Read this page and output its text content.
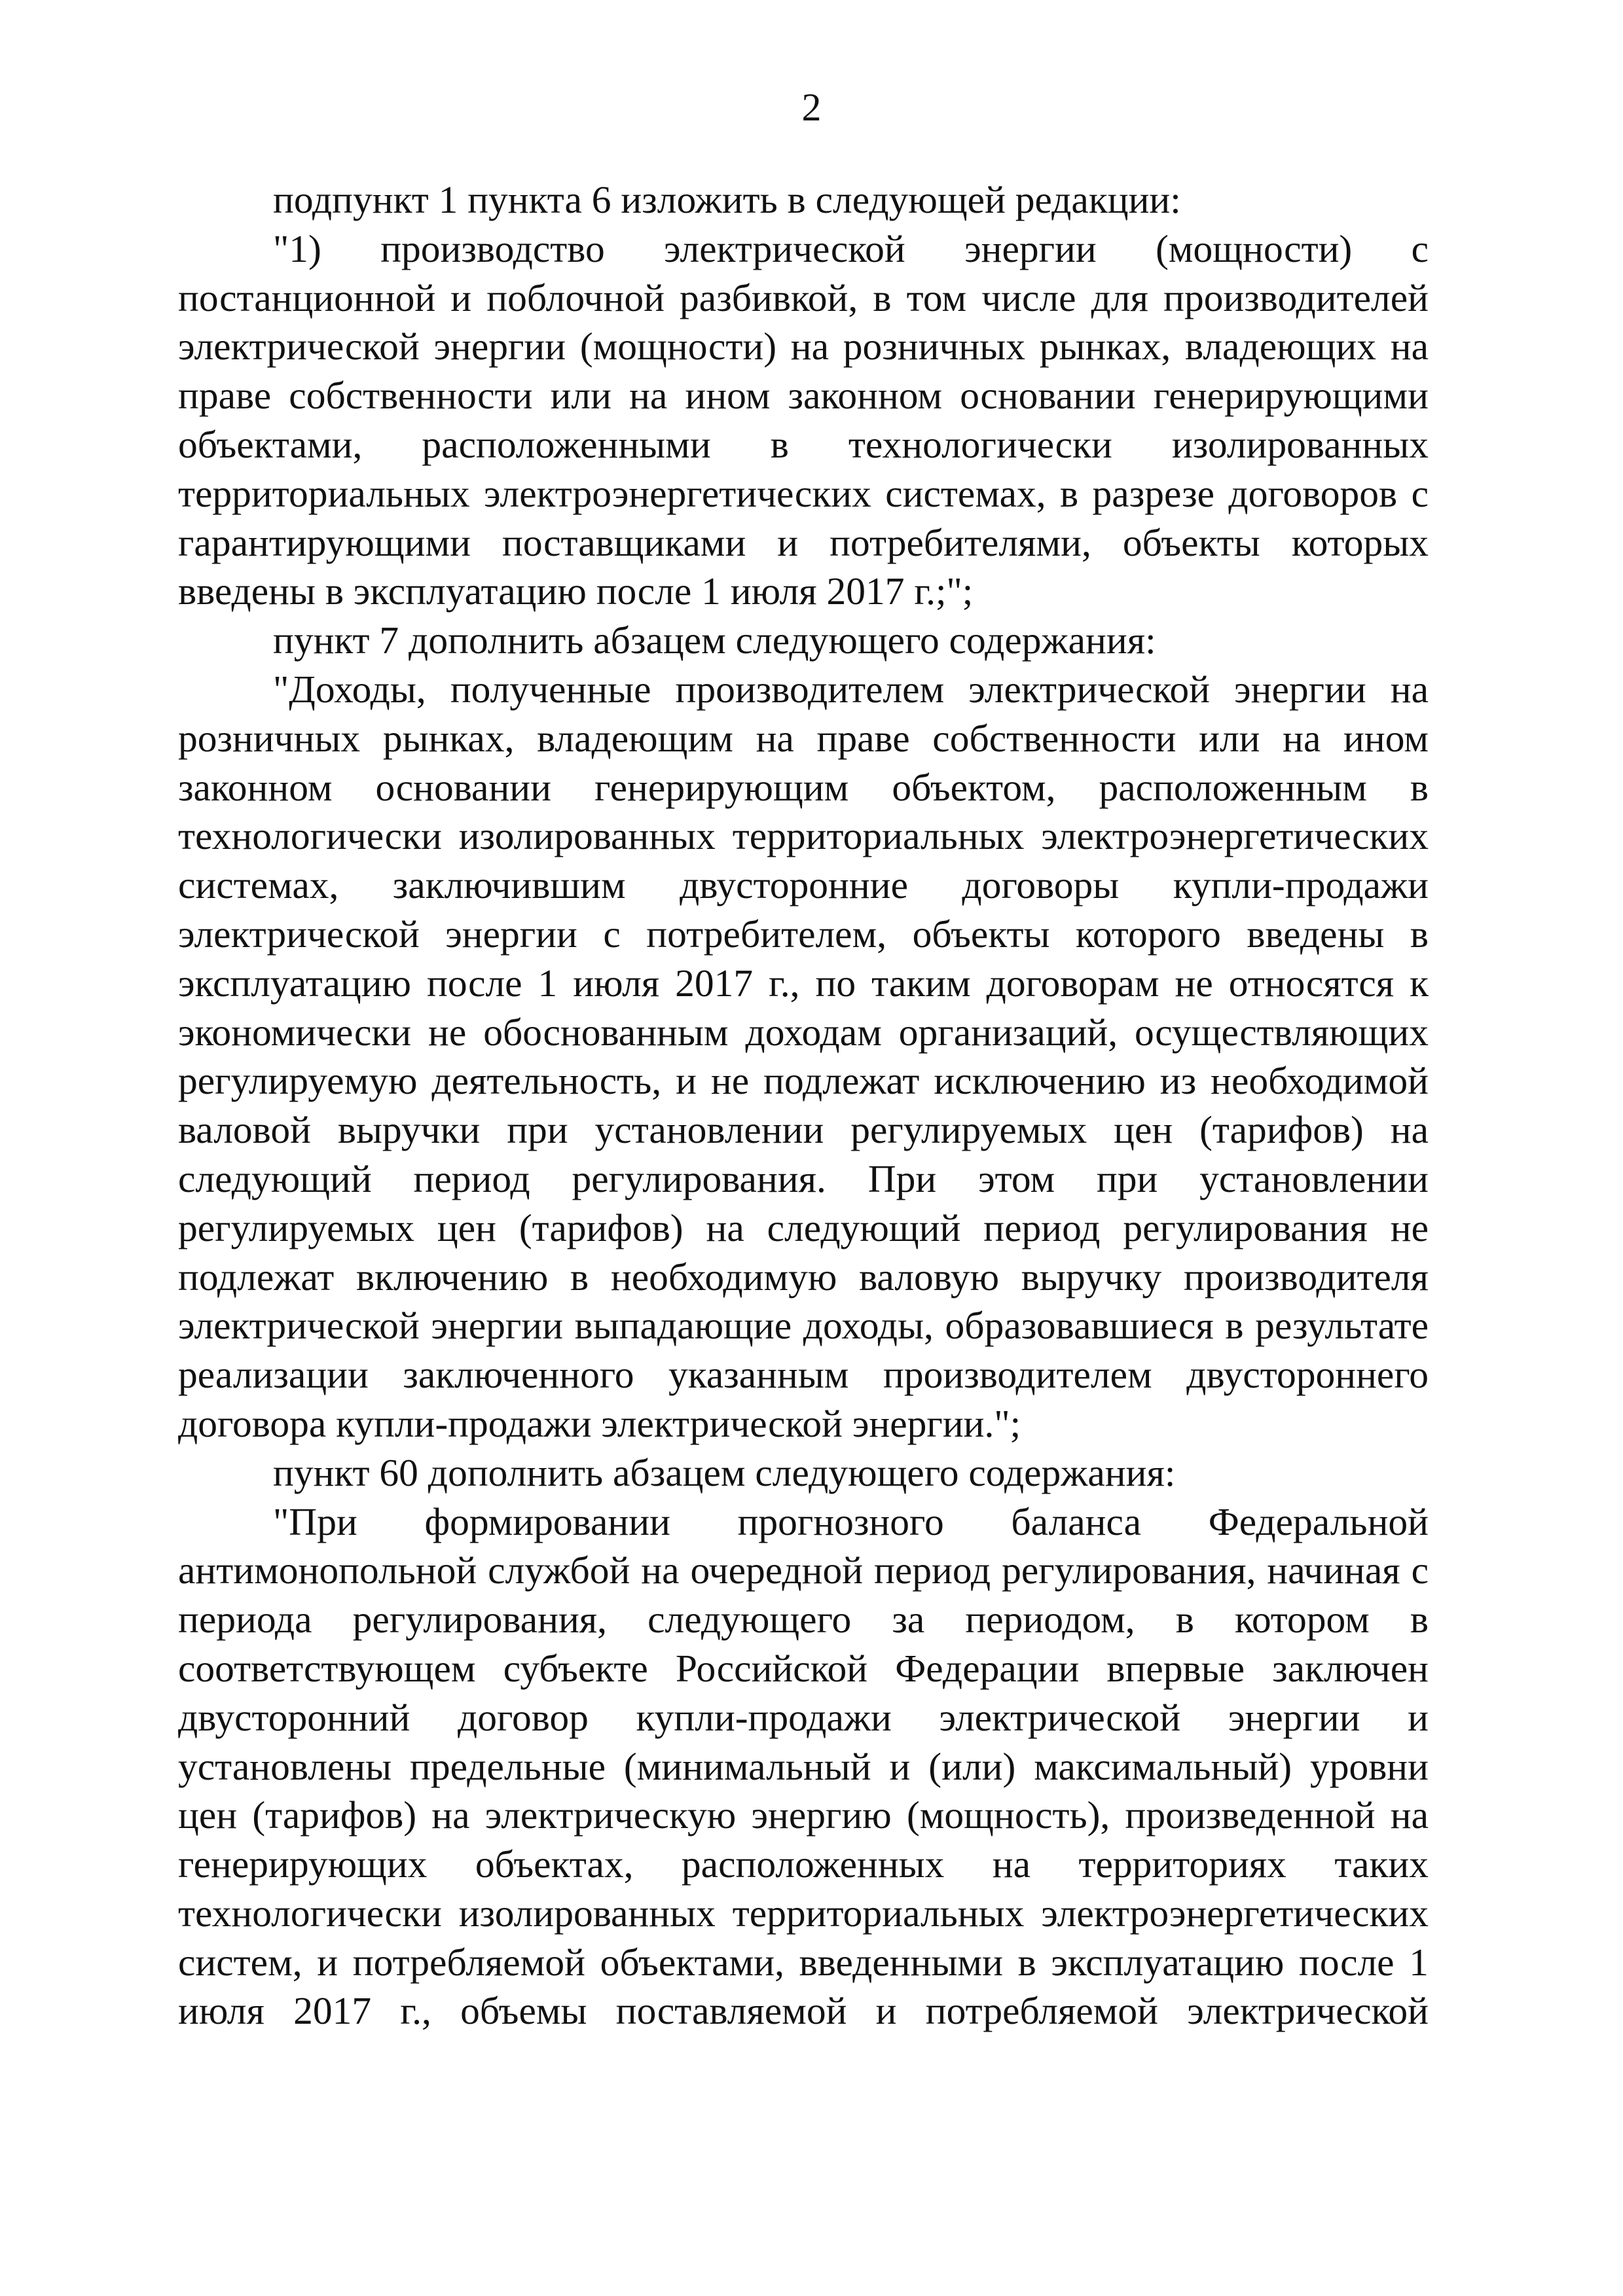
2

подпункт 1 пункта 6 изложить в следующей редакции:

"1) производство электрической энергии (мощности) с постанционной и поблочной разбивкой, в том числе для производителей электрической энергии (мощности) на розничных рынках, владеющих на праве собственности или на ином законном основании генерирующими объектами, расположенными в технологически изолированных территориальных электроэнергетических системах, в разрезе договоров с гарантирующими поставщиками и потребителями, объекты которых введены в эксплуатацию после 1 июля 2017 г.;";

пункт 7 дополнить абзацем следующего содержания:

"Доходы, полученные производителем электрической энергии на розничных рынках, владеющим на праве собственности или на ином законном основании генерирующим объектом, расположенным в технологически изолированных территориальных электроэнергетических системах, заключившим двусторонние договоры купли-продажи электрической энергии с потребителем, объекты которого введены в эксплуатацию после 1 июля 2017 г., по таким договорам не относятся к экономически не обоснованным доходам организаций, осуществляющих регулируемую деятельность, и не подлежат исключению из необходимой валовой выручки при установлении регулируемых цен (тарифов) на следующий период регулирования. При этом при установлении регулируемых цен (тарифов) на следующий период регулирования не подлежат включению в необходимую валовую выручку производителя электрической энергии выпадающие доходы, образовавшиеся в результате реализации заключенного указанным производителем двустороннего договора купли-продажи электрической энергии.";

пункт 60 дополнить абзацем следующего содержания:

"При формировании прогнозного баланса Федеральной антимонопольной службой на очередной период регулирования, начиная с периода регулирования, следующего за периодом, в котором в соответствующем субъекте Российской Федерации впервые заключен двусторонний договор купли-продажи электрической энергии и установлены предельные (минимальный и (или) максимальный) уровни цен (тарифов) на электрическую энергию (мощность), произведенной на генерирующих объектах, расположенных на территориях таких технологически изолированных территориальных электроэнергетических систем, и потребляемой объектами, введенными в эксплуатацию после 1 июля 2017 г., объемы поставляемой и потребляемой электрической
